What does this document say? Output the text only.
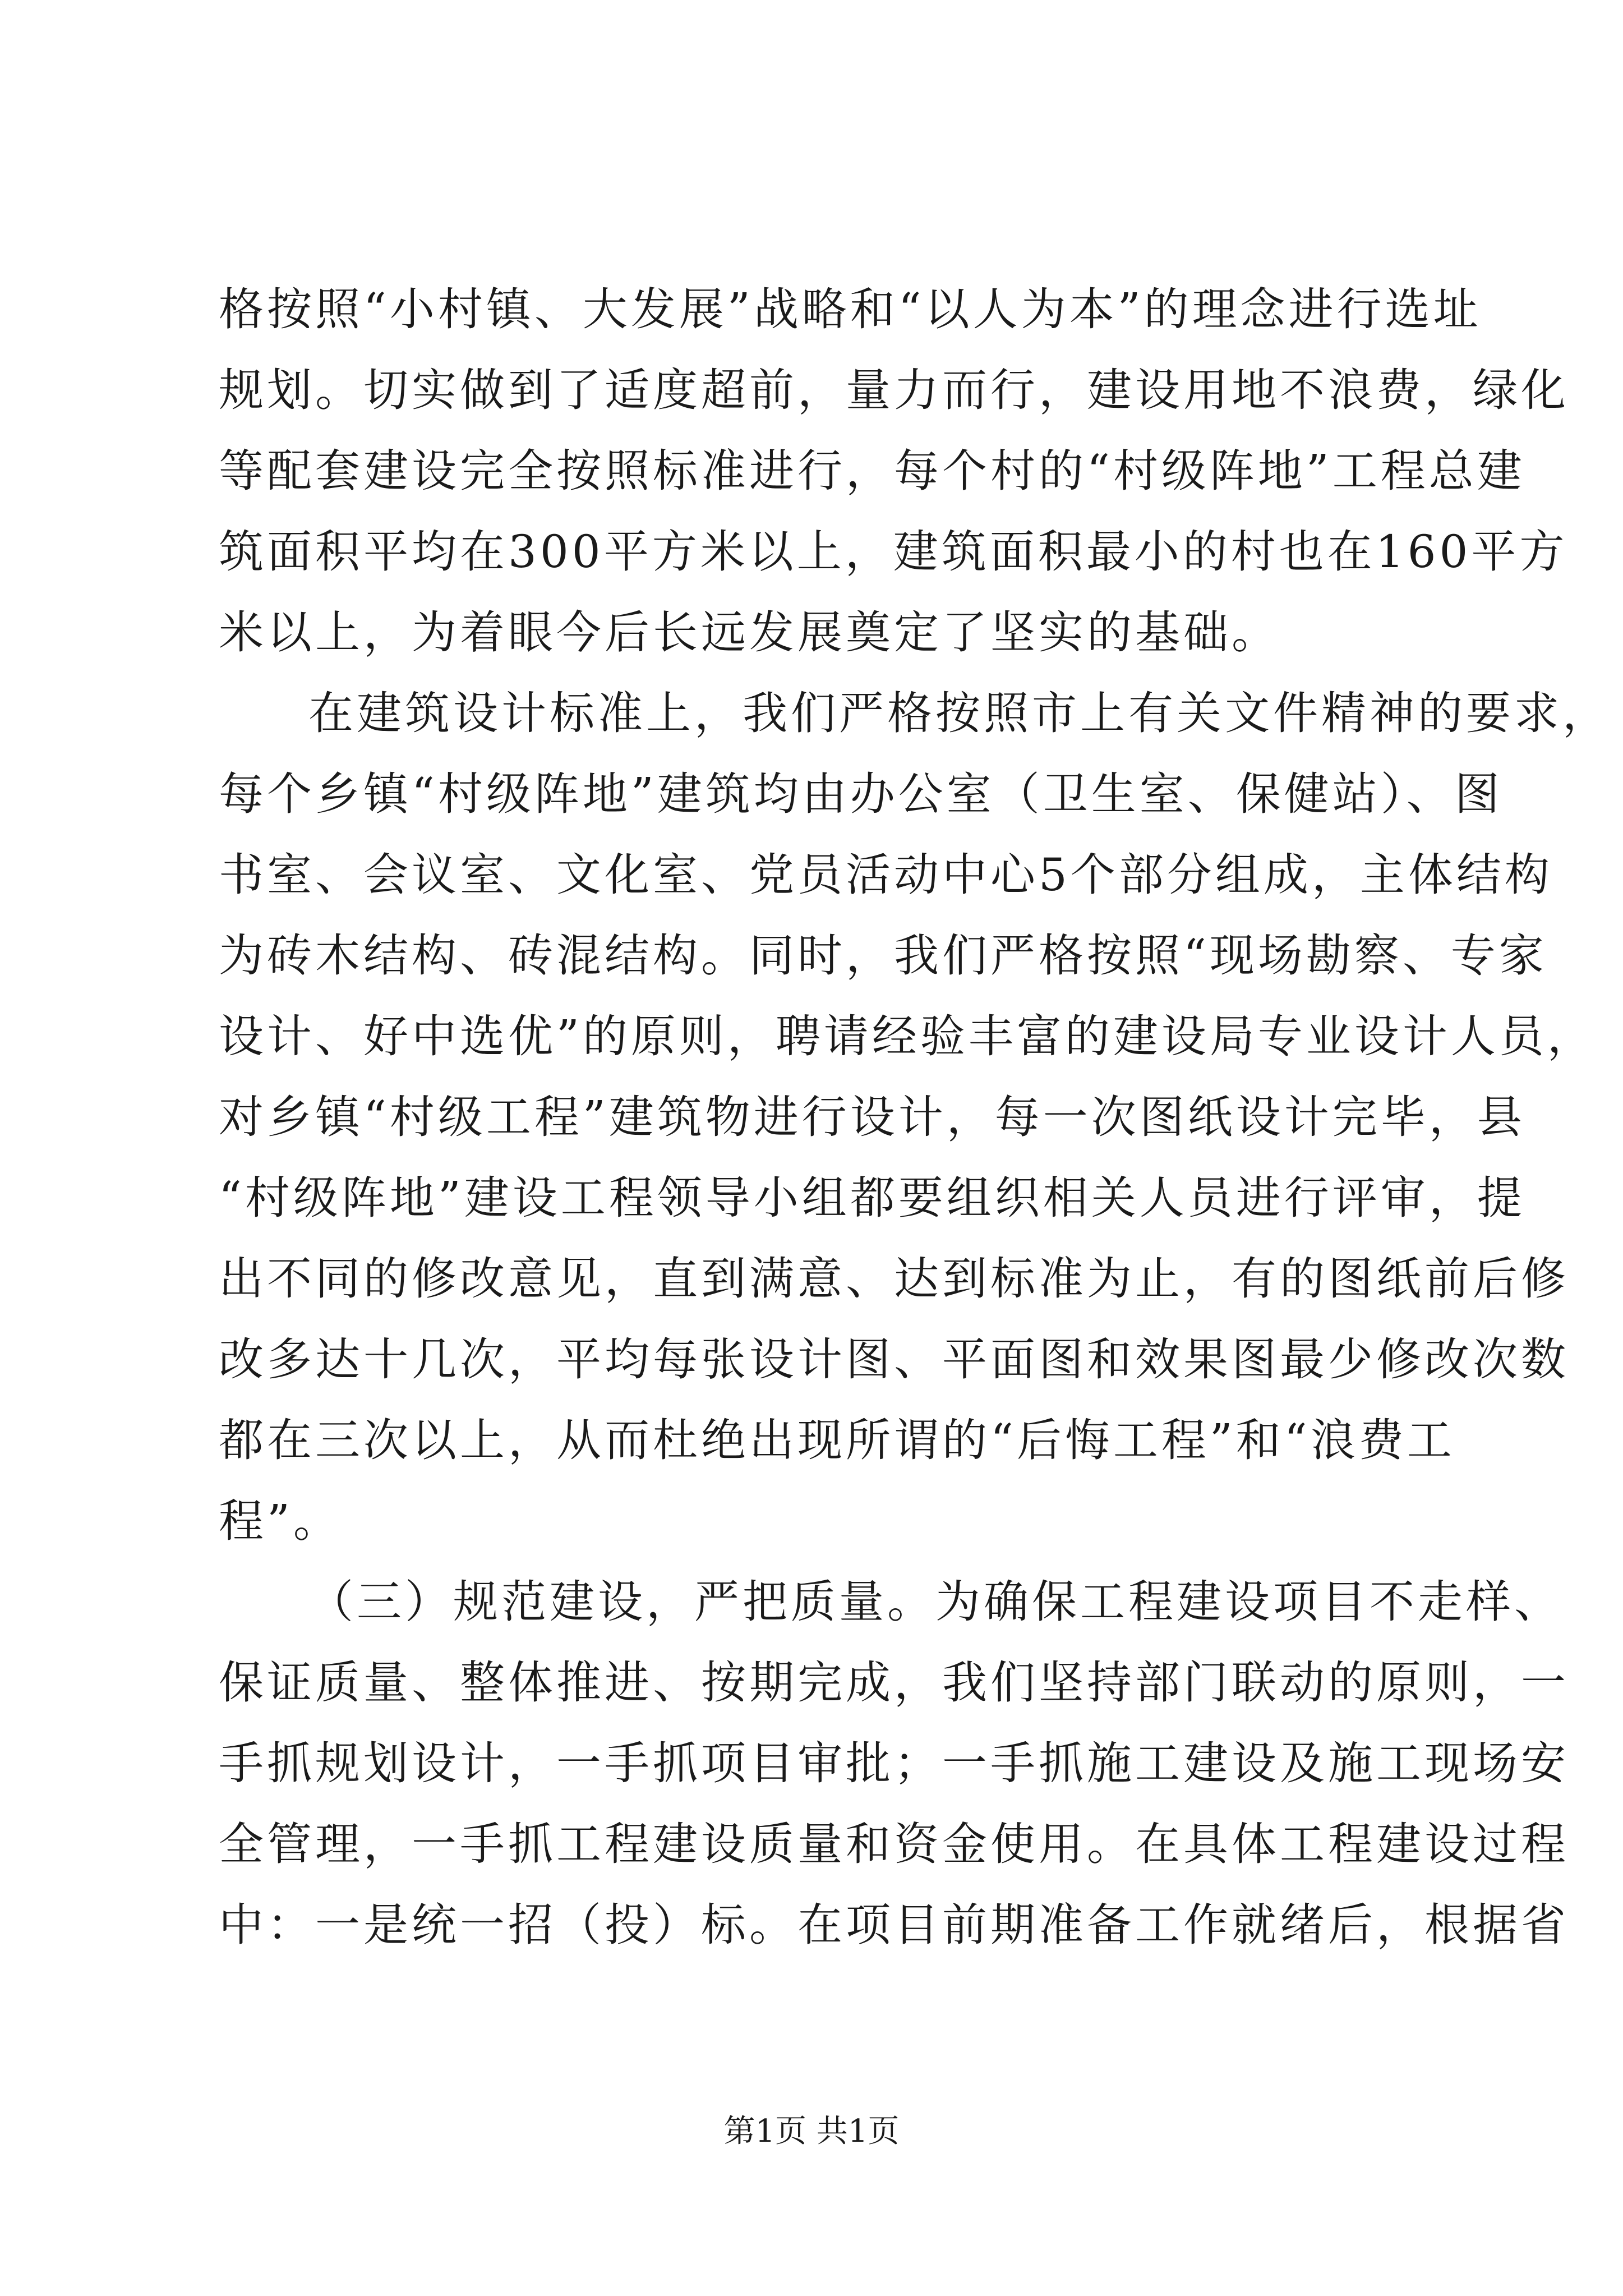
格按照“小村镇、大发展”战略和“以人为本”的理念进行选址
规划。切实做到了适度超前，量力而行，建设用地不浪费，绿化
等配套建设完全按照标准进行，每个村的“村级阵地”工程总建
筑面积平均在300平方米以上，建筑面积最小的村也在160平方
米以上，为着眼今后长远发展奠定了坚实的基础。
在建筑设计标准上，我们严格按照市上有关文件精神的要求，
每个乡镇“村级阵地”建筑均由办公室（卫生室、保健站）、图
书室、会议室、文化室、党员活动中心5个部分组成，主体结构
为砖木结构、砖混结构。同时，我们严格按照“现场勘察、专家
设计、好中选优”的原则，聘请经验丰富的建设局专业设计人员，
对乡镇“村级工程”建筑物进行设计，每一次图纸设计完毕，县
“村级阵地”建设工程领导小组都要组织相关人员进行评审，提
出不同的修改意见，直到满意、达到标准为止，有的图纸前后修
改多达十几次，平均每张设计图、平面图和效果图最少修改次数
都在三次以上，从而杜绝出现所谓的“后悔工程”和“浪费工
程”。
（三）规范建设，严把质量。为确保工程建设项目不走样、
保证质量、整体推进、按期完成，我们坚持部门联动的原则，一
手抓规划设计，一手抓项目审批；一手抓施工建设及施工现场安
全管理，一手抓工程建设质量和资金使用。在具体工程建设过程
中：一是统一招（投）标。在项目前期准备工作就绪后，根据省
第1页 共1页
